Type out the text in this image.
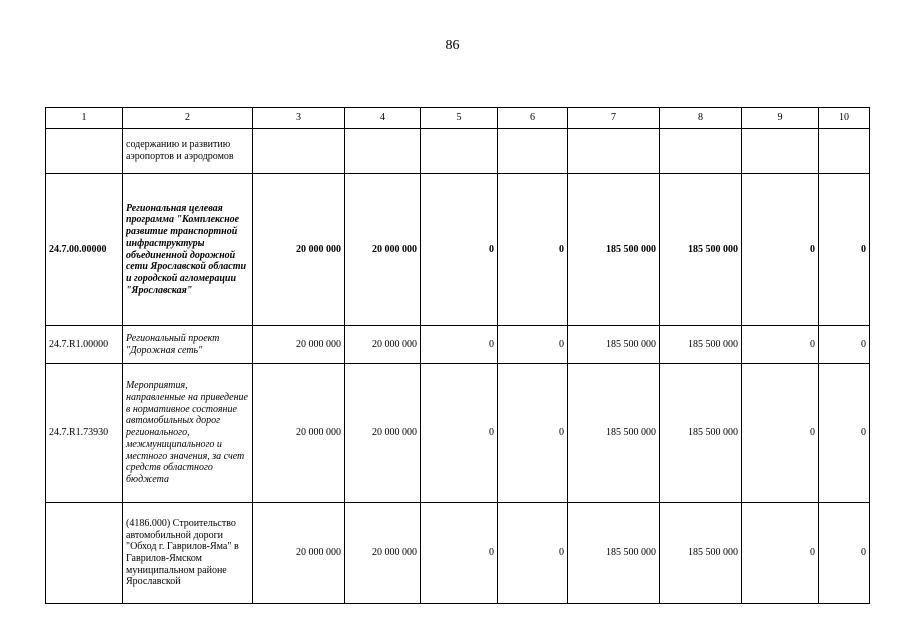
86
1	2	3	4	5	6	7	8	9	10
	содержанию и развитию аэропортов и аэродромов								
24.7.00.00000	Региональная целевая программа "Комплексное развитие транспортной инфраструктуры объединенной дорожной сети Ярославской области и городской агломерации "Ярославская"	20 000 000	20 000 000	0	0	185 500 000	185 500 000	0	0
24.7.R1.00000	Региональный проект "Дорожная сеть"	20 000 000	20 000 000	0	0	185 500 000	185 500 000	0	0
24.7.R1.73930	Мероприятия, направленные на приведение в нормативное состояние автомобильных дорог регионального, межмуниципального и местного значения, за счет средств областного бюджета	20 000 000	20 000 000	0	0	185 500 000	185 500 000	0	0
	(4186.000) Строительство автомобильной дороги "Обход г. Гаврилов-Яма" в Гаврилов-Ямском муниципальном районе Ярославской	20 000 000	20 000 000	0	0	185 500 000	185 500 000	0	0
